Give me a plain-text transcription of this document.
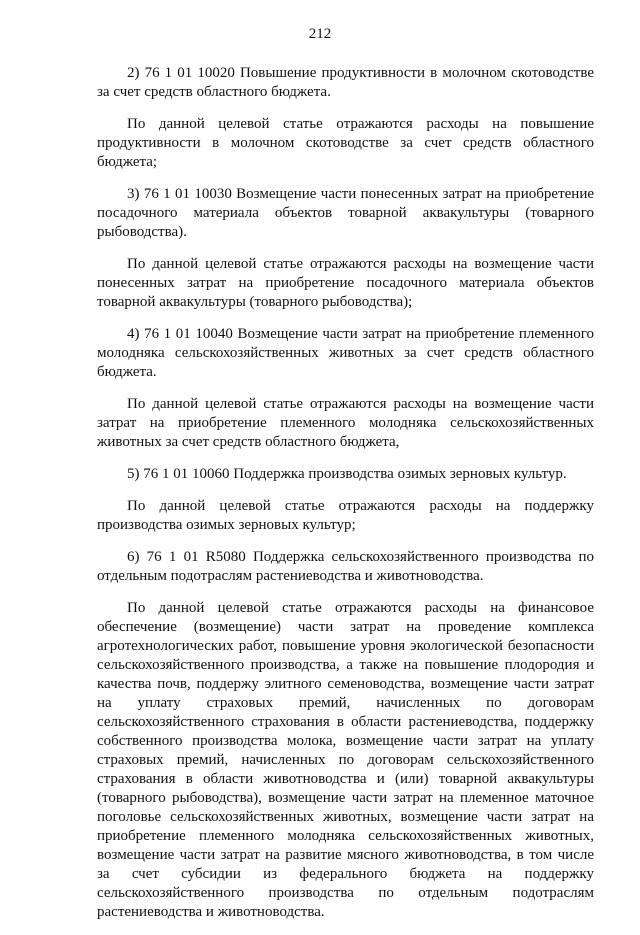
212

2) 76 1 01 10020 Повышение продуктивности в молочном скотоводстве за счет средств областного бюджета.

По данной целевой статье отражаются расходы на повышение продуктивности в молочном скотоводстве за счет средств областного бюджета;

3) 76 1 01 10030 Возмещение части понесенных затрат на приобретение посадочного материала объектов товарной аквакультуры (товарного рыбоводства).

По данной целевой статье отражаются расходы на возмещение части понесенных затрат на приобретение посадочного материала объектов товарной аквакультуры (товарного рыбоводства);

4) 76 1 01 10040 Возмещение части затрат на приобретение племенного молодняка сельскохозяйственных животных за счет средств областного бюджета.

По данной целевой статье отражаются расходы на возмещение части затрат на приобретение племенного молодняка сельскохозяйственных животных за счет средств областного бюджета,

5) 76 1 01 10060 Поддержка производства озимых зерновых культур.

По данной целевой статье отражаются расходы на поддержку производства озимых зерновых культур;

6) 76 1 01 R5080 Поддержка сельскохозяйственного производства по отдельным подотраслям растениеводства и животноводства.

По данной целевой статье отражаются расходы на финансовое обеспечение (возмещение) части затрат на проведение комплекса агротехнологических работ, повышение уровня экологической безопасности сельскохозяйственного производства, а также на повышение плодородия и качества почв, поддержу элитного семеноводства, возмещение части затрат на уплату страховых премий, начисленных по договорам сельскохозяйственного страхования в области растениеводства, поддержку собственного производства молока, возмещение части затрат на уплату страховых премий, начисленных по договорам сельскохозяйственного страхования в области животноводства и (или) товарной аквакультуры (товарного рыбоводства), возмещение части затрат на племенное маточное поголовье сельскохозяйственных животных, возмещение части затрат на приобретение племенного молодняка сельскохозяйственных животных, возмещение части затрат на развитие мясного животноводства, в том числе за счет субсидии из федерального бюджета на поддержку сельскохозяйственного производства по отдельным подотраслям растениеводства и животноводства.
